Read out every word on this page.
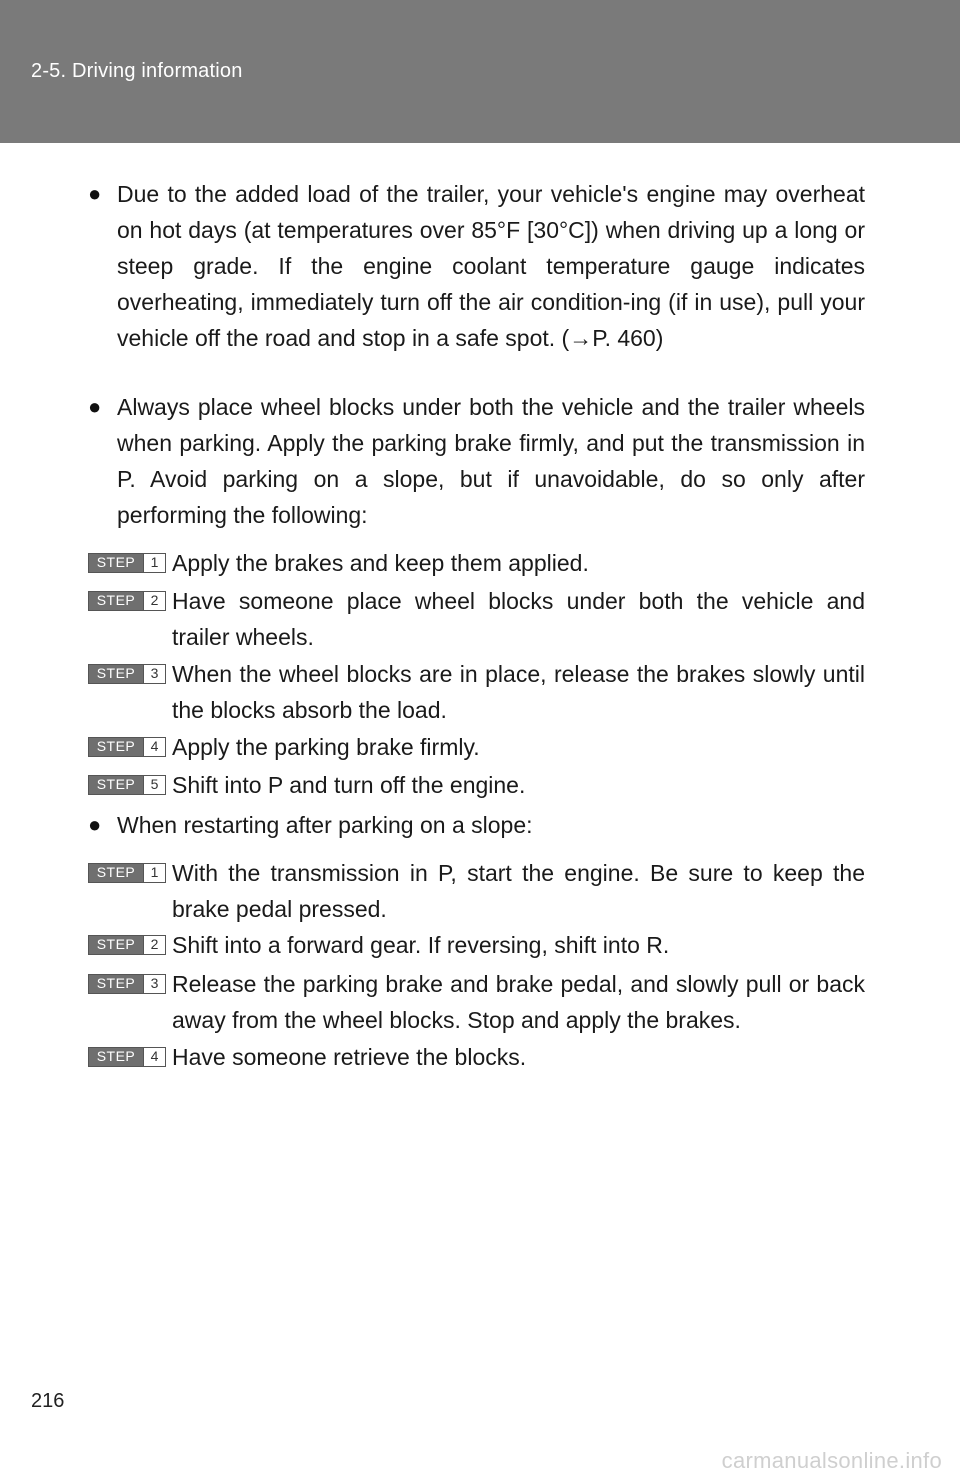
2-5. Driving information
● Due to the added load of the trailer, your vehicle's engine may overheat on hot days (at temperatures over 85°F [30°C]) when driving up a long or steep grade. If the engine coolant temperature gauge indicates overheating, immediately turn off the air condition-ing (if in use), pull your vehicle off the road and stop in a safe spot. (→P. 460)
● Always place wheel blocks under both the vehicle and the trailer wheels when parking. Apply the parking brake firmly, and put the transmission in P. Avoid parking on a slope, but if unavoidable, do so only after performing the following:
STEP	1 Apply the brakes and keep them applied.
STEP	2 Have someone place wheel blocks under both the vehicle and trailer wheels.
STEP	3 When the wheel blocks are in place, release the brakes slowly until the blocks absorb the load.
STEP	4 Apply the parking brake firmly.
STEP	5 Shift into P and turn off the engine.
● When restarting after parking on a slope:
STEP	1 With the transmission in P, start the engine. Be sure to keep the brake pedal pressed.
STEP	2 Shift into a forward gear. If reversing, shift into R.
STEP	3 Release the parking brake and brake pedal, and slowly pull or back away from the wheel blocks. Stop and apply the brakes.
STEP	4 Have someone retrieve the blocks.
216
carmanualsonline.info
